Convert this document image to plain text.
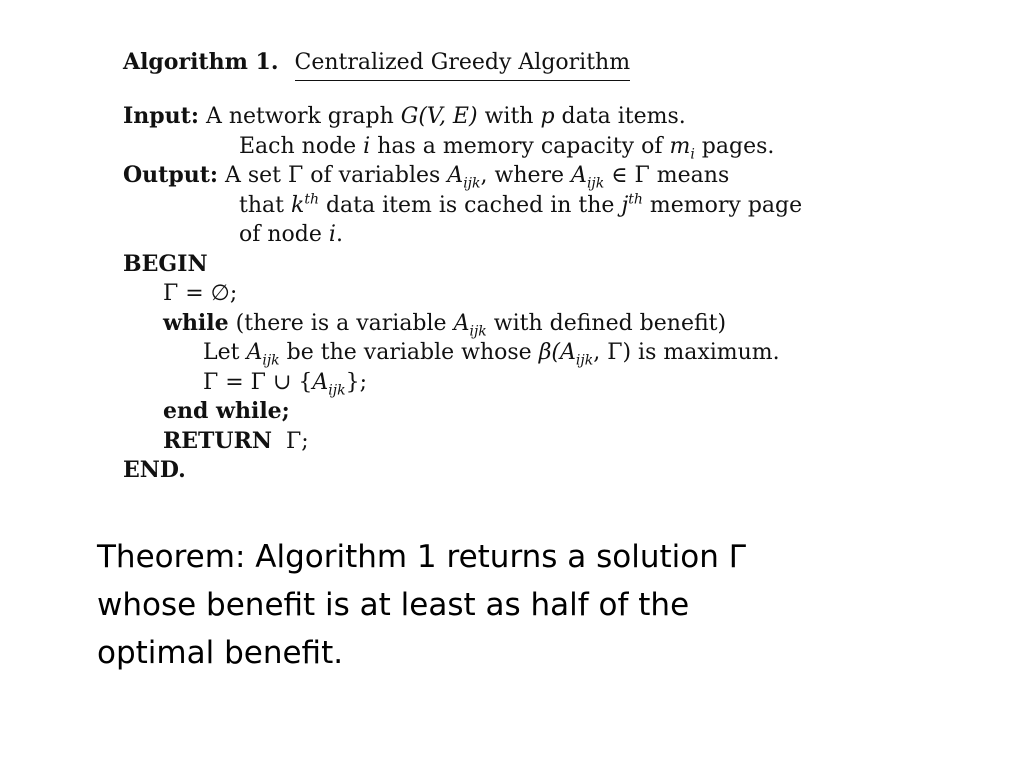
Algorithm 1. Centralized Greedy Algorithm
Input: A network graph G(V, E) with p data items.
Each node i has a memory capacity of $m_i$ pages.
Output: A set Γ of variables $A_{ijk}$, where $A_{ijk}$ ∈ Γ means
that $k^{th}$ data item is cached in the $j^{th}$ memory page
of node i.
BEGIN
Γ = ∅;
while (there is a variable $A_{ijk}$ with defined benefit)
Let $A_{ijk}$ be the variable whose $\beta(A_{ijk}$, Γ) is maximum.
Γ = Γ ∪ $\{A_{ijk}\}$;
end while;
RETURN  Γ;
END.
Theorem: Algorithm 1 returns a solution Γ
whose benefit is at least as half of the
optimal benefit.
